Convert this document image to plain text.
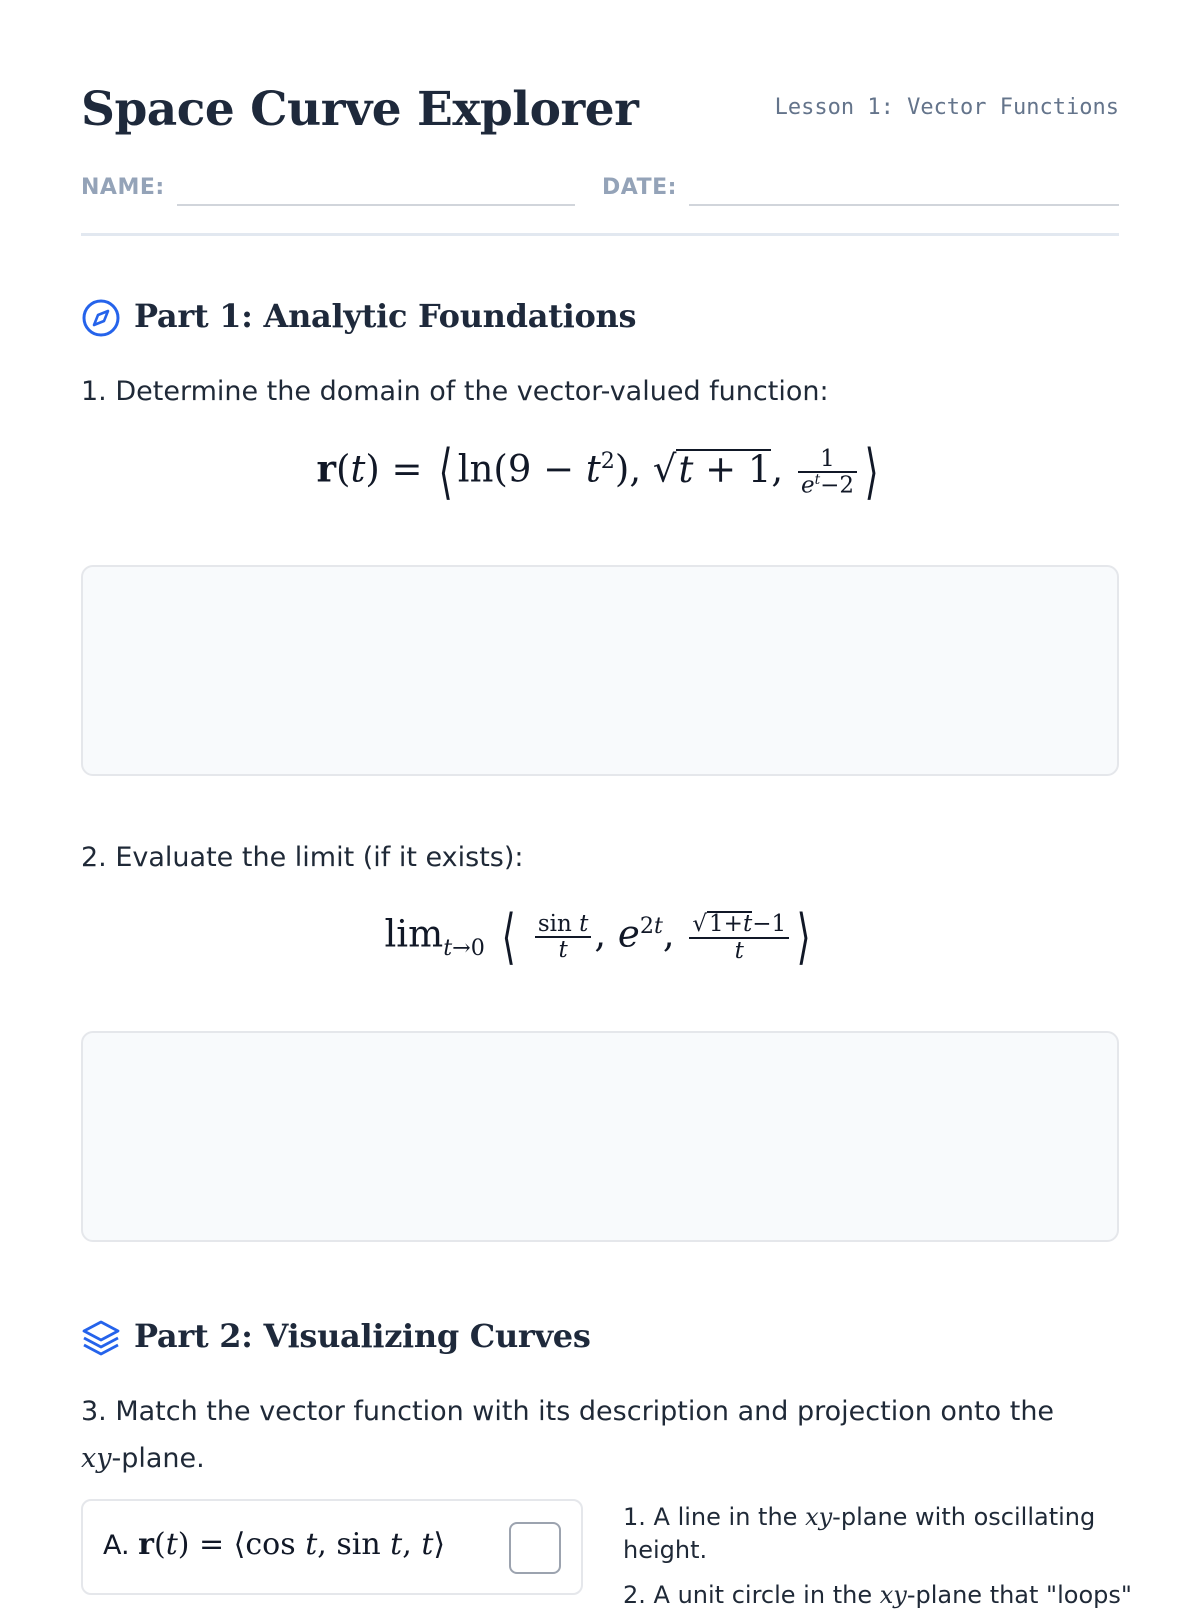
Space Curve Explorer	Lesson 1: Vector Functions
NAME:	DATE:
Part 1: Analytic Foundations
1. Determine the domain of the vector-valued function:
r(t) = ⟨ $\ln(9 - t^2)$, √t + 1, $\frac{1}{e^t-2}$ ⟩
2. Evaluate the limit (if it exists):
$\lim_{t\to 0}$ ⟨ $\frac{\text{sin t}}{t}$ , $e^{2t}$, $\frac{√1+t-1}{t}$ ⟩
Part 2: Visualizing Curves
3. Match the vector function with its description and projection onto the
xy-plane.
A. r(t) = ⟨cos t, sin t, t⟩
1. A line in the xy-plane with oscillating height.
2. A unit circle in the xy-plane that "loops"
